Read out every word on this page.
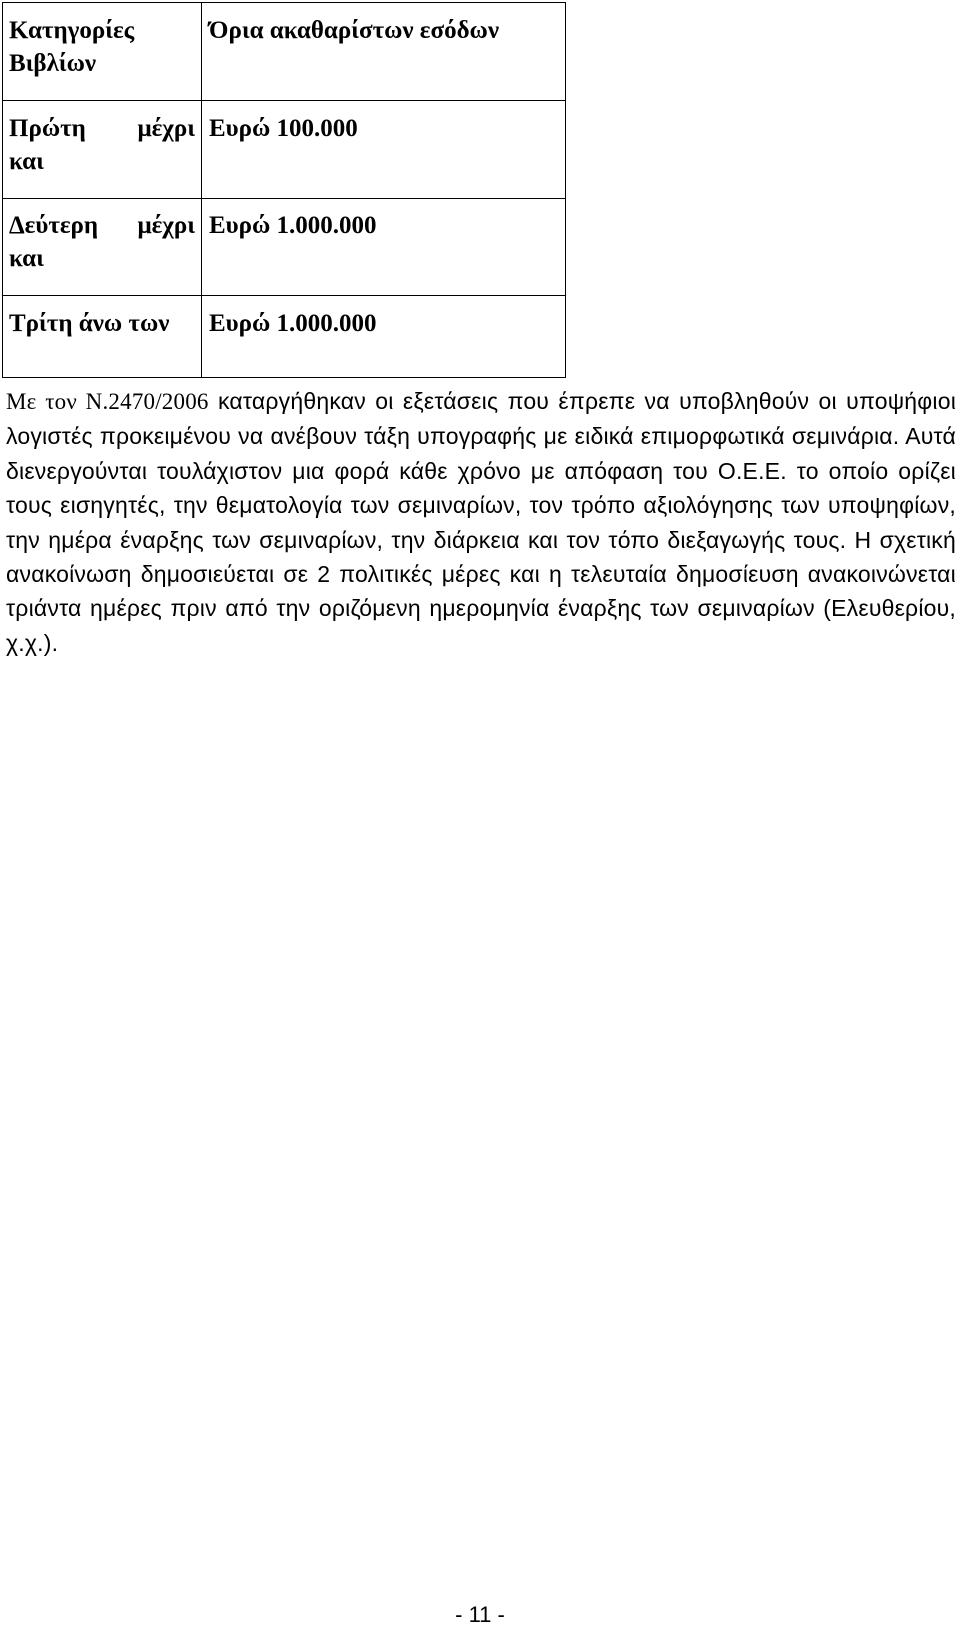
Κατηγορίες Βιβλίων
Όρια ακαθαρίστων εσόδων
Πρώτη μέχρι
και
Ευρώ 100.000
Δεύτερη μέχρι
και
Ευρώ 1.000.000
Τρίτη άνω των	Ευρώ 1.000.000
Με τον Ν.2470/2006 καταργήθηκαν οι εξετάσεις που έπρεπε να υποβληθούν οι υποψήφιοι λογιστές προκειμένου να ανέβουν τάξη υπογραφής με ειδικά επιμορφωτικά σεμινάρια. Αυτά διενεργούνται τουλάχιστον μια φορά κάθε χρόνο με απόφαση του Ο.Ε.Ε. το οποίο ορίζει τους εισηγητές, την θεματολογία των σεμιναρίων, τον τρόπο αξιολόγησης των υποψηφίων, την ημέρα έναρξης των σεμιναρίων, την διάρκεια και τον τόπο διεξαγωγής τους. Η σχετική ανακοίνωση δημοσιεύεται σε 2 πολιτικές μέρες και η τελευταία δημοσίευση ανακοινώνεται τριάντα ημέρες πριν από την οριζόμενη ημερομηνία έναρξης των σεμιναρίων (Ελευθερίου, χ.χ.).
- 11 -
